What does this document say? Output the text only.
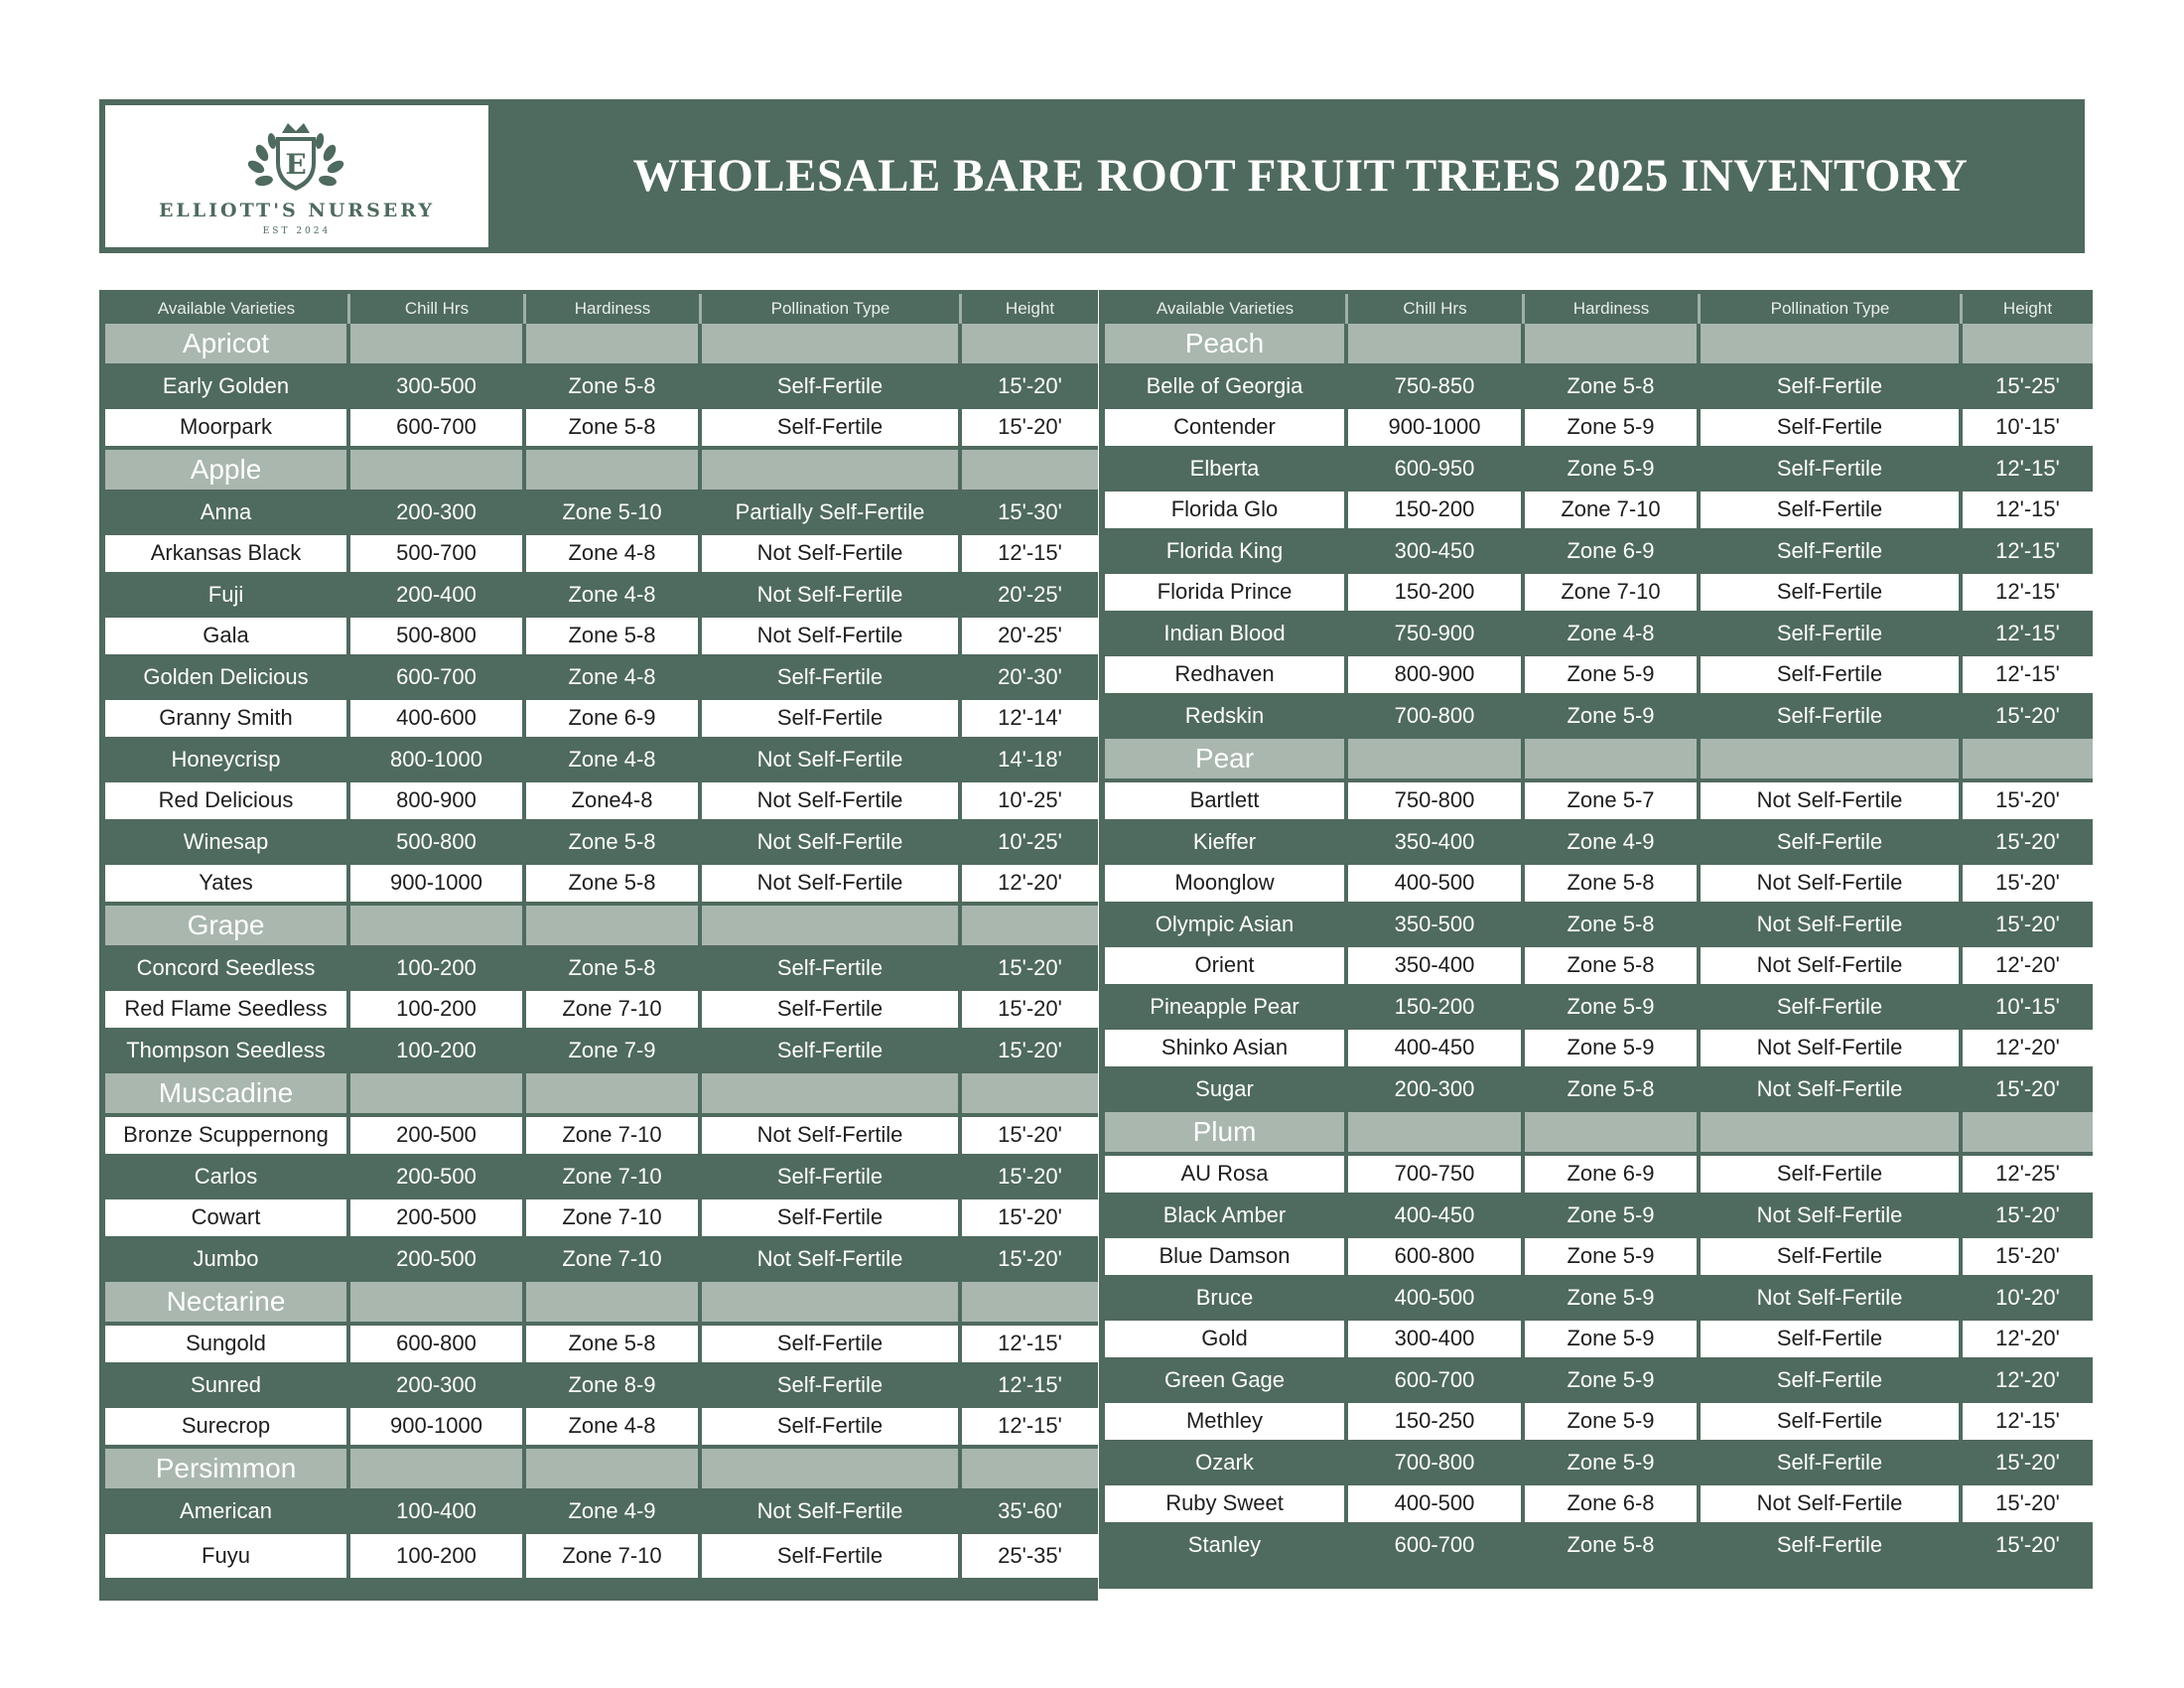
E
ELLIOTT'S NURSERY
EST 2024
WHOLESALE BARE ROOT FRUIT TREES 2025 INVENTORY
Available Varieties	Chill Hrs	Hardiness	Pollination Type	Height
Apricot
Early Golden	300-500	Zone 5-8	Self-Fertile	15'-20'
Moorpark	600-700	Zone 5-8	Self-Fertile	15'-20'
Apple
Anna	200-300	Zone 5-10	Partially Self-Fertile	15'-30'
Arkansas Black	500-700	Zone 4-8	Not Self-Fertile	12'-15'
Fuji	200-400	Zone 4-8	Not Self-Fertile	20'-25'
Gala	500-800	Zone 5-8	Not Self-Fertile	20'-25'
Golden Delicious	600-700	Zone 4-8	Self-Fertile	20'-30'
Granny Smith	400-600	Zone 6-9	Self-Fertile	12'-14'
Honeycrisp	800-1000	Zone 4-8	Not Self-Fertile	14'-18'
Red Delicious	800-900	Zone4-8	Not Self-Fertile	10'-25'
Winesap	500-800	Zone 5-8	Not Self-Fertile	10'-25'
Yates	900-1000	Zone 5-8	Not Self-Fertile	12'-20'
Grape
Concord Seedless	100-200	Zone 5-8	Self-Fertile	15'-20'
Red Flame Seedless	100-200	Zone 7-10	Self-Fertile	15'-20'
Thompson Seedless	100-200	Zone 7-9	Self-Fertile	15'-20'
Muscadine
Bronze Scuppernong	200-500	Zone 7-10	Not Self-Fertile	15'-20'
Carlos	200-500	Zone 7-10	Self-Fertile	15'-20'
Cowart	200-500	Zone 7-10	Self-Fertile	15'-20'
Jumbo	200-500	Zone 7-10	Not Self-Fertile	15'-20'
Nectarine
Sungold	600-800	Zone 5-8	Self-Fertile	12'-15'
Sunred	200-300	Zone 8-9	Self-Fertile	12'-15'
Surecrop	900-1000	Zone 4-8	Self-Fertile	12'-15'
Persimmon
American	100-400	Zone 4-9	Not Self-Fertile	35'-60'
Fuyu	100-200	Zone 7-10	Self-Fertile	25'-35'
Available Varieties	Chill Hrs	Hardiness	Pollination Type	Height
Peach
Belle of Georgia	750-850	Zone 5-8	Self-Fertile	15'-25'
Contender	900-1000	Zone 5-9	Self-Fertile	10'-15'
Elberta	600-950	Zone 5-9	Self-Fertile	12'-15'
Florida Glo	150-200	Zone 7-10	Self-Fertile	12'-15'
Florida King	300-450	Zone 6-9	Self-Fertile	12'-15'
Florida Prince	150-200	Zone 7-10	Self-Fertile	12'-15'
Indian Blood	750-900	Zone 4-8	Self-Fertile	12'-15'
Redhaven	800-900	Zone 5-9	Self-Fertile	12'-15'
Redskin	700-800	Zone 5-9	Self-Fertile	15'-20'
Pear
Bartlett	750-800	Zone 5-7	Not Self-Fertile	15'-20'
Kieffer	350-400	Zone 4-9	Self-Fertile	15'-20'
Moonglow	400-500	Zone 5-8	Not Self-Fertile	15'-20'
Olympic Asian	350-500	Zone 5-8	Not Self-Fertile	15'-20'
Orient	350-400	Zone 5-8	Not Self-Fertile	12'-20'
Pineapple Pear	150-200	Zone 5-9	Self-Fertile	10'-15'
Shinko Asian	400-450	Zone 5-9	Not Self-Fertile	12'-20'
Sugar	200-300	Zone 5-8	Not Self-Fertile	15'-20'
Plum
AU Rosa	700-750	Zone 6-9	Self-Fertile	12'-25'
Black Amber	400-450	Zone 5-9	Not Self-Fertile	15'-20'
Blue Damson	600-800	Zone 5-9	Self-Fertile	15'-20'
Bruce	400-500	Zone 5-9	Not Self-Fertile	10'-20'
Gold	300-400	Zone 5-9	Self-Fertile	12'-20'
Green Gage	600-700	Zone 5-9	Self-Fertile	12'-20'
Methley	150-250	Zone 5-9	Self-Fertile	12'-15'
Ozark	700-800	Zone 5-9	Self-Fertile	15'-20'
Ruby Sweet	400-500	Zone 6-8	Not Self-Fertile	15'-20'
Stanley	600-700	Zone 5-8	Self-Fertile	15'-20'
